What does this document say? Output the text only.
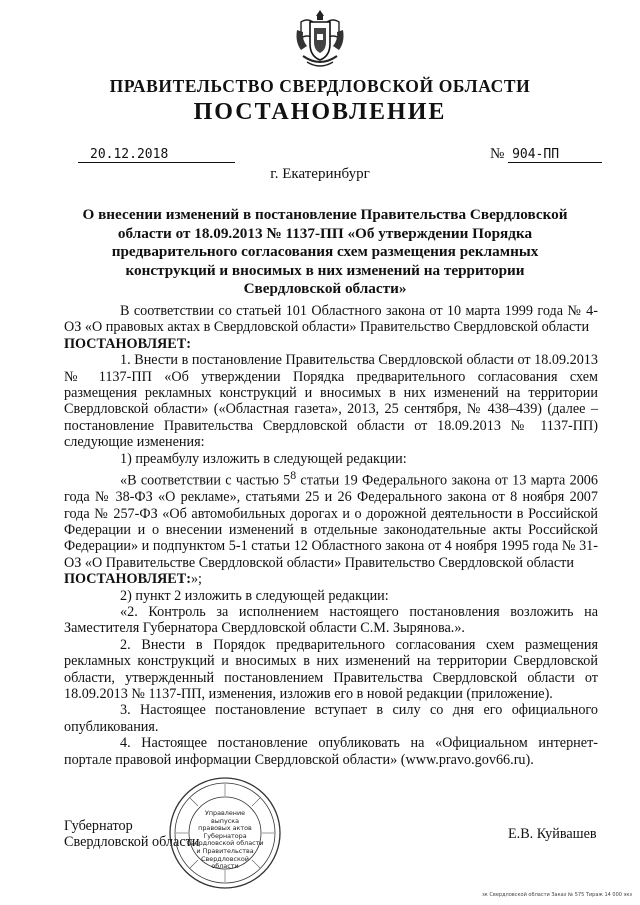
ПРАВИТЕЛЬСТВО СВЕРДЛОВСКОЙ ОБЛАСТИ
ПОСТАНОВЛЕНИЕ
20.12.2018	№ 904-ПП
г. Екатеринбург
О внесении изменений в постановление Правительства Свердловской области от 18.09.2013 № 1137-ПП «Об утверждении Порядка предварительного согласования схем размещения рекламных конструкций и вносимых в них изменений на территории Свердловской области»

В соответствии со статьей 101 Областного закона от 10 марта 1999 года № 4-ОЗ «О правовых актах в Свердловской области» Правительство Свердловской области

ПОСТАНОВЛЯЕТ:

1. Внести в постановление Правительства Свердловской области от 18.09.2013 № 1137-ПП «Об утверждении Порядка предварительного согласования схем размещения рекламных конструкций и вносимых в них изменений на территории Свердловской области» («Областная газета», 2013, 25 сентября, № 438–439) (далее – постановление Правительства Свердловской области от 18.09.2013 № 1137-ПП) следующие изменения:

1) преамбулу изложить в следующей редакции:

«В соответствии с частью $5^8$ статьи 19 Федерального закона от 13 марта 2006 года № 38-ФЗ «О рекламе», статьями 25 и 26 Федерального закона от 8 ноября 2007 года № 257-ФЗ «Об автомобильных дорогах и о дорожной деятельности в Российской Федерации и о внесении изменений в отдельные законодательные акты Российской Федерации» и подпунктом 5-1 статьи 12 Областного закона от 4 ноября 1995 года № 31-ОЗ «О Правительстве Свердловской области» Правительство Свердловской области

ПОСТАНОВЛЯЕТ:»;

2) пункт 2 изложить в следующей редакции:

«2. Контроль за исполнением настоящего постановления возложить на Заместителя Губернатора Свердловской области С.М. Зырянова.».

2. Внести в Порядок предварительного согласования схем размещения рекламных конструкций и вносимых в них изменений на территории Свердловской области, утвержденный постановлением Правительства Свердловской области от 18.09.2013 № 1137-ПП, изменения, изложив его в новой редакции (приложение).

3. Настоящее постановление вступает в силу со дня его официального опубликования.

4. Настоящее постановление опубликовать на «Официальном интернет-портале правовой информации Свердловской области» (www.pravo.gov66.ru).

Губернатор
Свердловской области
Управление
выпуска
правовых актов
Губернатора
Свердловской области
и Правительства
Свердловской
области
Е.В. Куйвашев
зк Свердловской области Заказ № 575 Тираж 14 000 экз
